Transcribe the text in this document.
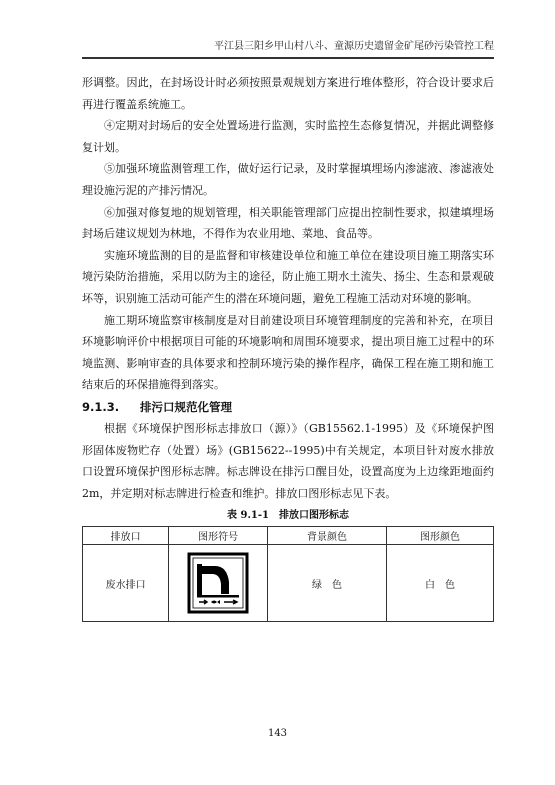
平江县三阳乡甲山村八斗、童源历史遗留金矿尾砂污染管控工程

形调整。因此，在封场设计时必须按照景观规划方案进行堆体整形，符合设计要求后再进行覆盖系统施工。

④定期对封场后的安全处置场进行监测，实时监控生态修复情况，并据此调整修复计划。

⑤加强环境监测管理工作，做好运行记录，及时掌握填埋场内渗滤液、渗滤液处理设施污泥的产排污情况。

⑥加强对修复地的规划管理，相关职能管理部门应提出控制性要求，拟建填埋场封场后建议规划为林地，不得作为农业用地、菜地、食品等。

实施环境监测的目的是监督和审核建设单位和施工单位在建设项目施工期落实环境污染防治措施，采用以防为主的途径，防止施工期水土流失、扬尘、生态和景观破坏等，识别施工活动可能产生的潜在环境问题，避免工程施工活动对环境的影响。

施工期环境监察审核制度是对目前建设项目环境管理制度的完善和补充，在项目环境影响评价中根据项目可能的环境影响和周围环境要求，提出项目施工过程中的环境监测、影响审查的具体要求和控制环境污染的操作程序，确保工程在施工期和施工结束后的环保措施得到落实。

9.1.3. 排污口规范化管理

根据《环境保护图形标志排放口（源）》（GB15562.1-1995）及《环境保护图形固体废物贮存（处置）场》(GB15622--1995)中有关规定，本项目针对废水排放口设置环境保护图形标志牌。标志牌设在排污口醒目处，设置高度为上边缘距地面约 2m，并定期对标志牌进行检查和维护。排放口图形标志见下表。

表 9.1-1　排放口图形标志
排放口	图形符号	背景颜色	图形颜色
废水排口		绿　色	白　色
143
